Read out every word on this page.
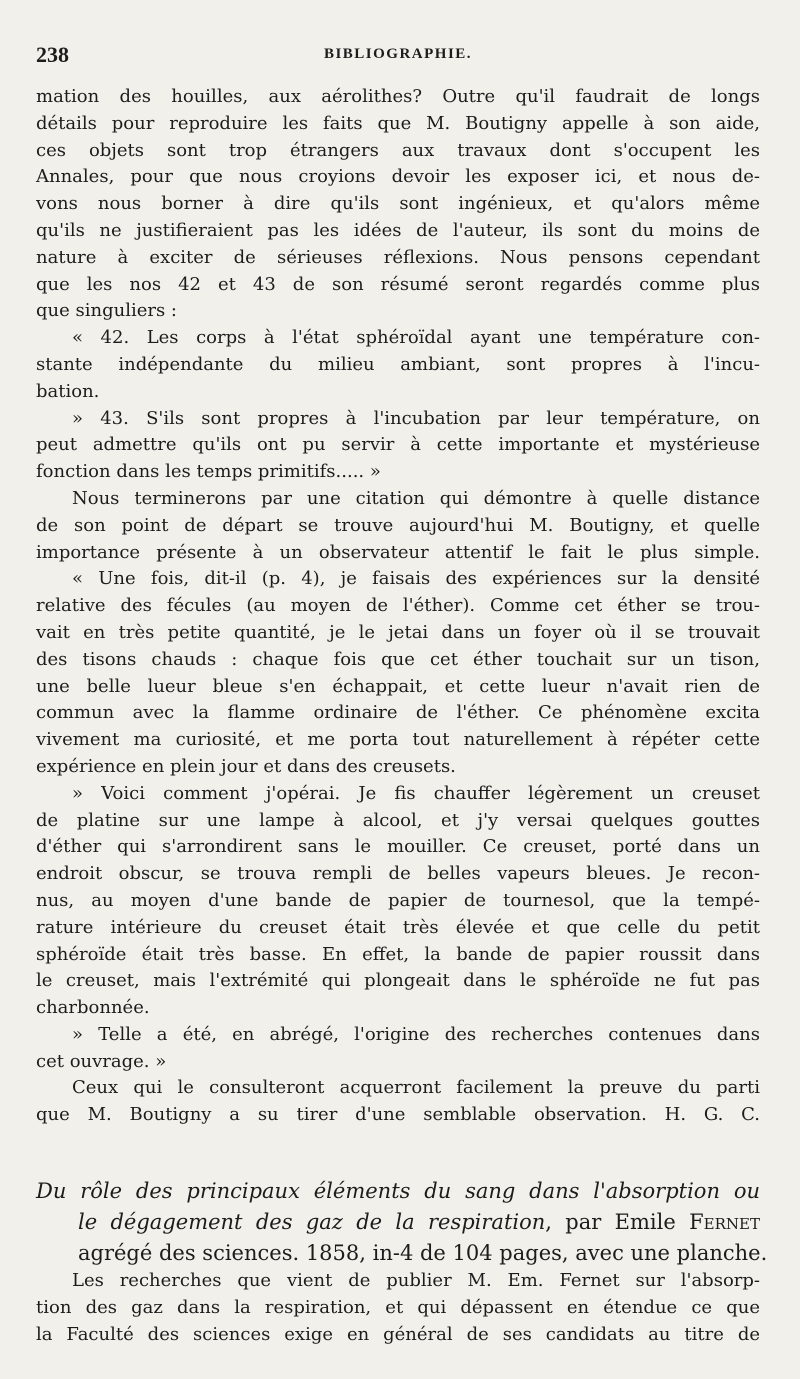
238	BIBLIOGRAPHIE.
mation des houilles, aux aérolithes? Outre qu'il faudrait de longs
détails pour reproduire les faits que M. Boutigny appelle à son aide,
ces objets sont trop étrangers aux travaux dont s'occupent les
Annales, pour que nous croyions devoir les exposer ici, et nous de-
vons nous borner à dire qu'ils sont ingénieux, et qu'alors même
qu'ils ne justifieraient pas les idées de l'auteur, ils sont du moins de
nature à exciter de sérieuses réflexions. Nous pensons cependant
que les nos 42 et 43 de son résumé seront regardés comme plus
que singuliers :
« 42. Les corps à l'état sphéroïdal ayant une température con-
stante indépendante du milieu ambiant, sont propres à l'incu-
bation.
» 43. S'ils sont propres à l'incubation par leur température, on
peut admettre qu'ils ont pu servir à cette importante et mystérieuse
fonction dans les temps primitifs..... »
Nous terminerons par une citation qui démontre à quelle distance
de son point de départ se trouve aujourd'hui M. Boutigny, et quelle
importance présente à un observateur attentif le fait le plus simple.
« Une fois, dit-il (p. 4), je faisais des expériences sur la densité
relative des fécules (au moyen de l'éther). Comme cet éther se trou-
vait en très petite quantité, je le jetai dans un foyer où il se trouvait
des tisons chauds : chaque fois que cet éther touchait sur un tison,
une belle lueur bleue s'en échappait, et cette lueur n'avait rien de
commun avec la flamme ordinaire de l'éther. Ce phénomène excita
vivement ma curiosité, et me porta tout naturellement à répéter cette
expérience en plein jour et dans des creusets.
» Voici comment j'opérai. Je fis chauffer légèrement un creuset
de platine sur une lampe à alcool, et j'y versai quelques gouttes
d'éther qui s'arrondirent sans le mouiller. Ce creuset, porté dans un
endroit obscur, se trouva rempli de belles vapeurs bleues. Je recon-
nus, au moyen d'une bande de papier de tournesol, que la tempé-
rature intérieure du creuset était très élevée et que celle du petit
sphéroïde était très basse. En effet, la bande de papier roussit dans
le creuset, mais l'extrémité qui plongeait dans le sphéroïde ne fut pas
charbonnée.
» Telle a été, en abrégé, l'origine des recherches contenues dans
cet ouvrage. »
Ceux qui le consulteront acquerront facilement la preuve du parti
que M. Boutigny a su tirer d'une semblable observation. H. G. C.
Du rôle des principaux éléments du sang dans l'absorption ou
le dégagement des gaz de la respiration, par Emile Fernet
agrégé des sciences. 1858, in-4 de 104 pages, avec une planche.
Les recherches que vient de publier M. Em. Fernet sur l'absorp-
tion des gaz dans la respiration, et qui dépassent en étendue ce que
la Faculté des sciences exige en général de ses candidats au titre de
